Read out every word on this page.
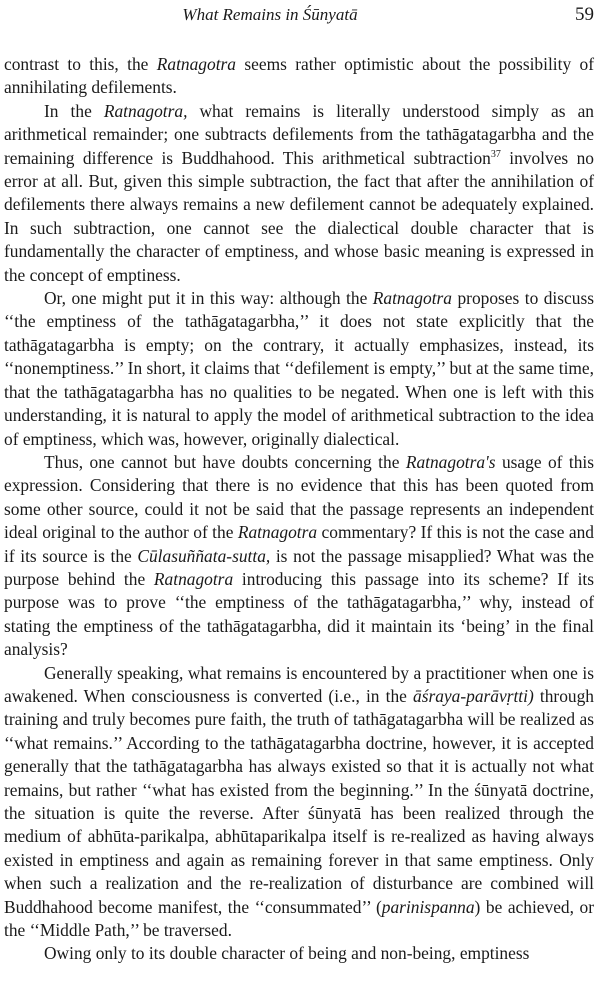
What Remains in Śūnyatā	59

contrast to this, the Ratnagotra seems rather optimistic about the possibility of annihilating defilements.

In the Ratnagotra, what remains is literally understood simply as an arithmetical remainder; one subtracts defilements from the tathāgatagarbha and the remaining difference is Buddhahood. This arithmetical subtraction$^{37}$ involves no error at all. But, given this simple subtraction, the fact that after the annihilation of defilements there always remains a new defilement cannot be adequately explained. In such subtraction, one cannot see the dialectical double character that is fundamentally the character of emptiness, and whose basic meaning is expressed in the concept of emptiness.

Or, one might put it in this way: although the Ratnagotra proposes to discuss ‘‘the emptiness of the tathāgatagarbha,’’ it does not state explicitly that the tathāgatagarbha is empty; on the contrary, it actually emphasizes, instead, its ‘‘nonemptiness.’’ In short, it claims that ‘‘defilement is empty,’’ but at the same time, that the tathāgatagarbha has no qualities to be negated. When one is left with this understanding, it is natural to apply the model of arithmetical subtraction to the idea of emptiness, which was, however, originally dialectical.

Thus, one cannot but have doubts concerning the Ratnagotra's usage of this expression. Considering that there is no evidence that this has been quoted from some other source, could it not be said that the passage represents an independent ideal original to the author of the Ratnagotra commentary? If this is not the case and if its source is the Cūlasuññata-sutta, is not the passage misapplied? What was the purpose behind the Ratnagotra introducing this passage into its scheme? If its purpose was to prove ‘‘the emptiness of the tathāgatagarbha,’’ why, instead of stating the emptiness of the tathāgatagarbha, did it maintain its ‘being’ in the final analysis?

Generally speaking, what remains is encountered by a practitioner when one is awakened. When consciousness is converted (i.e., in the āśraya-parāvṛtti) through training and truly becomes pure faith, the truth of tathāgatagarbha will be realized as ‘‘what remains.’’ According to the tathāgatagarbha doctrine, however, it is accepted generally that the tathāgatagarbha has always existed so that it is actually not what remains, but rather ‘‘what has existed from the beginning.’’ In the śūnyatā doctrine, the situation is quite the reverse. After śūnyatā has been realized through the medium of abhūta-parikalpa, abhūtaparikalpa itself is re-realized as having always existed in emptiness and again as remaining forever in that same emptiness. Only when such a realization and the re-realization of disturbance are combined will Buddhahood become manifest, the ‘‘consummated’’ (parinispanna) be achieved, or the ‘‘Middle Path,’’ be traversed.

Owing only to its double character of being and non-being, emptiness
